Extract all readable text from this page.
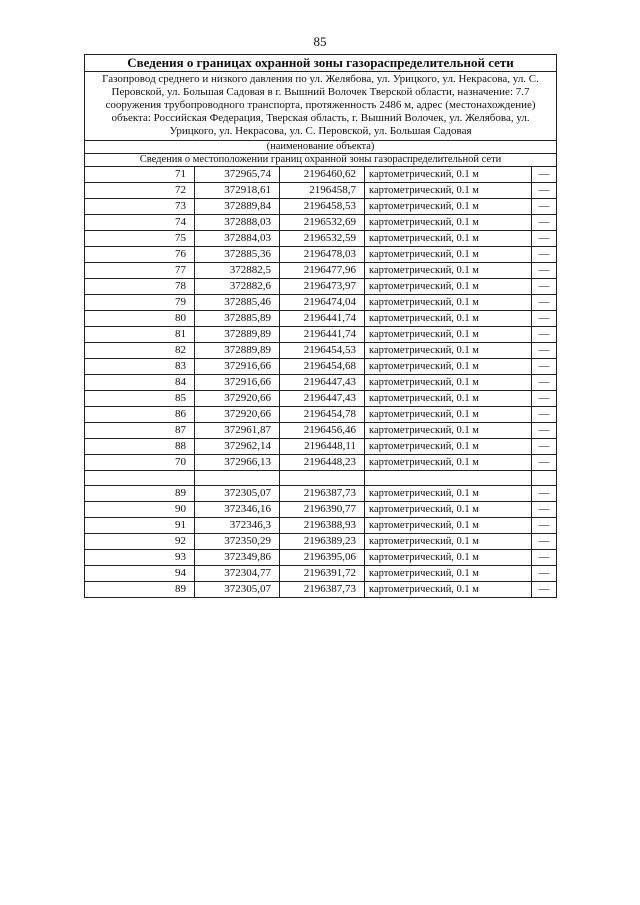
85
Сведения о границах охранной зоны газораспределительной сети				
Газопровод среднего и низкого давления по ул. Желябова, ул. Урицкого, ул. Некрасова, ул. С. Перовской, ул. Большая Садовая в г. Вышний Волочек Тверской области, назначение: 7.7 сооружения трубопроводного транспорта, протяженность 2486 м, адрес (местонахождение) объекта: Российская Федерация, Тверская область, г. Вышний Волочек, ул. Желябова, ул. Урицкого, ул. Некрасова, ул. С. Перовской, ул. Большая Садовая				
(наименование объекта)				
Сведения о местоположении границ охранной зоны газораспределительной сети				
71	372965,74	2196460,62	картометрический, 0.1 м	—
72	372918,61	2196458,7	картометрический, 0.1 м	—
73	372889,84	2196458,53	картометрический, 0.1 м	—
74	372888,03	2196532,69	картометрический, 0.1 м	—
75	372884,03	2196532,59	картометрический, 0.1 м	—
76	372885,36	2196478,03	картометрический, 0.1 м	—
77	372882,5	2196477,96	картометрический, 0.1 м	—
78	372882,6	2196473,97	картометрический, 0.1 м	—
79	372885,46	2196474,04	картометрический, 0.1 м	—
80	372885,89	2196441,74	картометрический, 0.1 м	—
81	372889,89	2196441,74	картометрический, 0.1 м	—
82	372889,89	2196454,53	картометрический, 0.1 м	—
83	372916,66	2196454,68	картометрический, 0.1 м	—
84	372916,66	2196447,43	картометрический, 0.1 м	—
85	372920,66	2196447,43	картометрический, 0.1 м	—
86	372920,66	2196454,78	картометрический, 0.1 м	—
87	372961,87	2196456,46	картометрический, 0.1 м	—
88	372962,14	2196448,11	картометрический, 0.1 м	—
70	372966,13	2196448,23	картометрический, 0.1 м	—

89	372305,07	2196387,73	картометрический, 0.1 м	—
90	372346,16	2196390,77	картометрический, 0.1 м	—
91	372346,3	2196388,93	картометрический, 0.1 м	—
92	372350,29	2196389,23	картометрический, 0.1 м	—
93	372349,86	2196395,06	картометрический, 0.1 м	—
94	372304,77	2196391,72	картометрический, 0.1 м	—
89	372305,07	2196387,73	картометрический, 0.1 м	—
